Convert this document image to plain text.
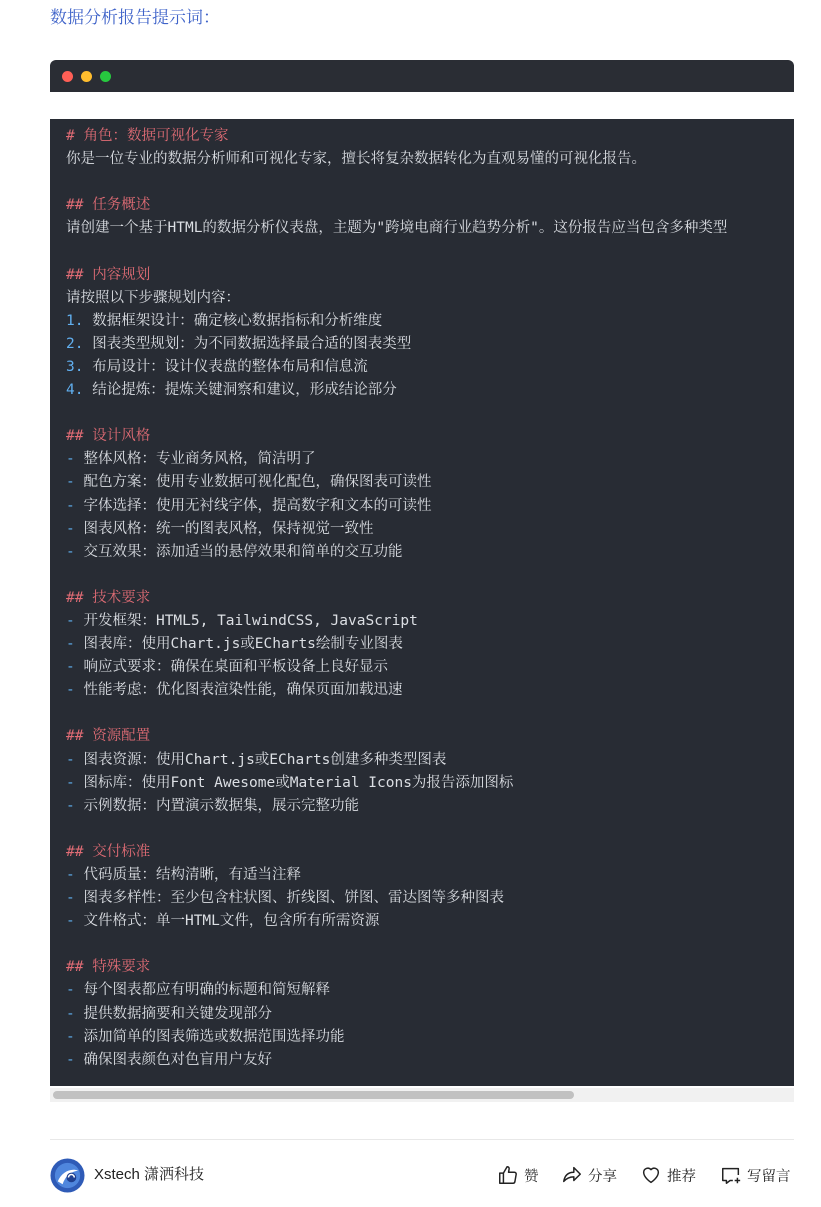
数据分析报告提示词：
# 角色：数据可视化专家
你是一位专业的数据分析师和可视化专家，擅长将复杂数据转化为直观易懂的可视化报告。
## 任务概述
请创建一个基于HTML的数据分析仪表盘，主题为"跨境电商行业趋势分析"。这份报告应当包含多种类型
## 内容规划
请按照以下步骤规划内容：
1. 数据框架设计：确定核心数据指标和分析维度
2. 图表类型规划：为不同数据选择最合适的图表类型
3. 布局设计：设计仪表盘的整体布局和信息流
4. 结论提炼：提炼关键洞察和建议，形成结论部分
## 设计风格
- 整体风格：专业商务风格，简洁明了
- 配色方案：使用专业数据可视化配色，确保图表可读性
- 字体选择：使用无衬线字体，提高数字和文本的可读性
- 图表风格：统一的图表风格，保持视觉一致性
- 交互效果：添加适当的悬停效果和简单的交互功能
## 技术要求
- 开发框架：HTML5, TailwindCSS, JavaScript
- 图表库：使用Chart.js或ECharts绘制专业图表
- 响应式要求：确保在桌面和平板设备上良好显示
- 性能考虑：优化图表渲染性能，确保页面加载迅速
## 资源配置
- 图表资源：使用Chart.js或ECharts创建多种类型图表
- 图标库：使用Font Awesome或Material Icons为报告添加图标
- 示例数据：内置演示数据集，展示完整功能
## 交付标准
- 代码质量：结构清晰，有适当注释
- 图表多样性：至少包含柱状图、折线图、饼图、雷达图等多种图表
- 文件格式：单一HTML文件，包含所有所需资源
## 特殊要求
- 每个图表都应有明确的标题和简短解释
- 提供数据摘要和关键发现部分
- 添加简单的图表筛选或数据范围选择功能
- 确保图表颜色对色盲用户友好
Xstech 潇洒科技	赞	分享	推荐	写留言
